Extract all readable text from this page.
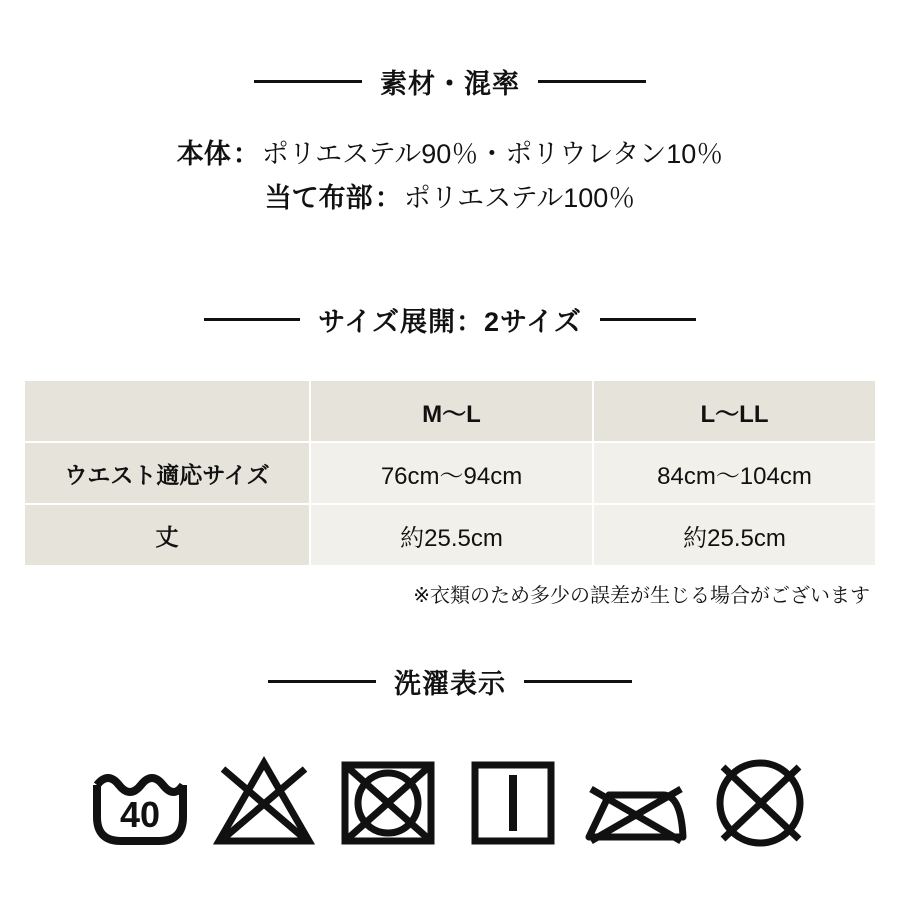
素材・混率
本体：ポリエステル90％・ポリウレタン10％
当て布部：ポリエステル100％
サイズ展開：2サイズ
	M〜L	L〜LL
ウエスト適応サイズ	76cm〜94cm	84cm〜104cm
丈	約25.5cm	約25.5cm
※衣類のため多少の誤差が生じる場合がございます
洗濯表示
40
